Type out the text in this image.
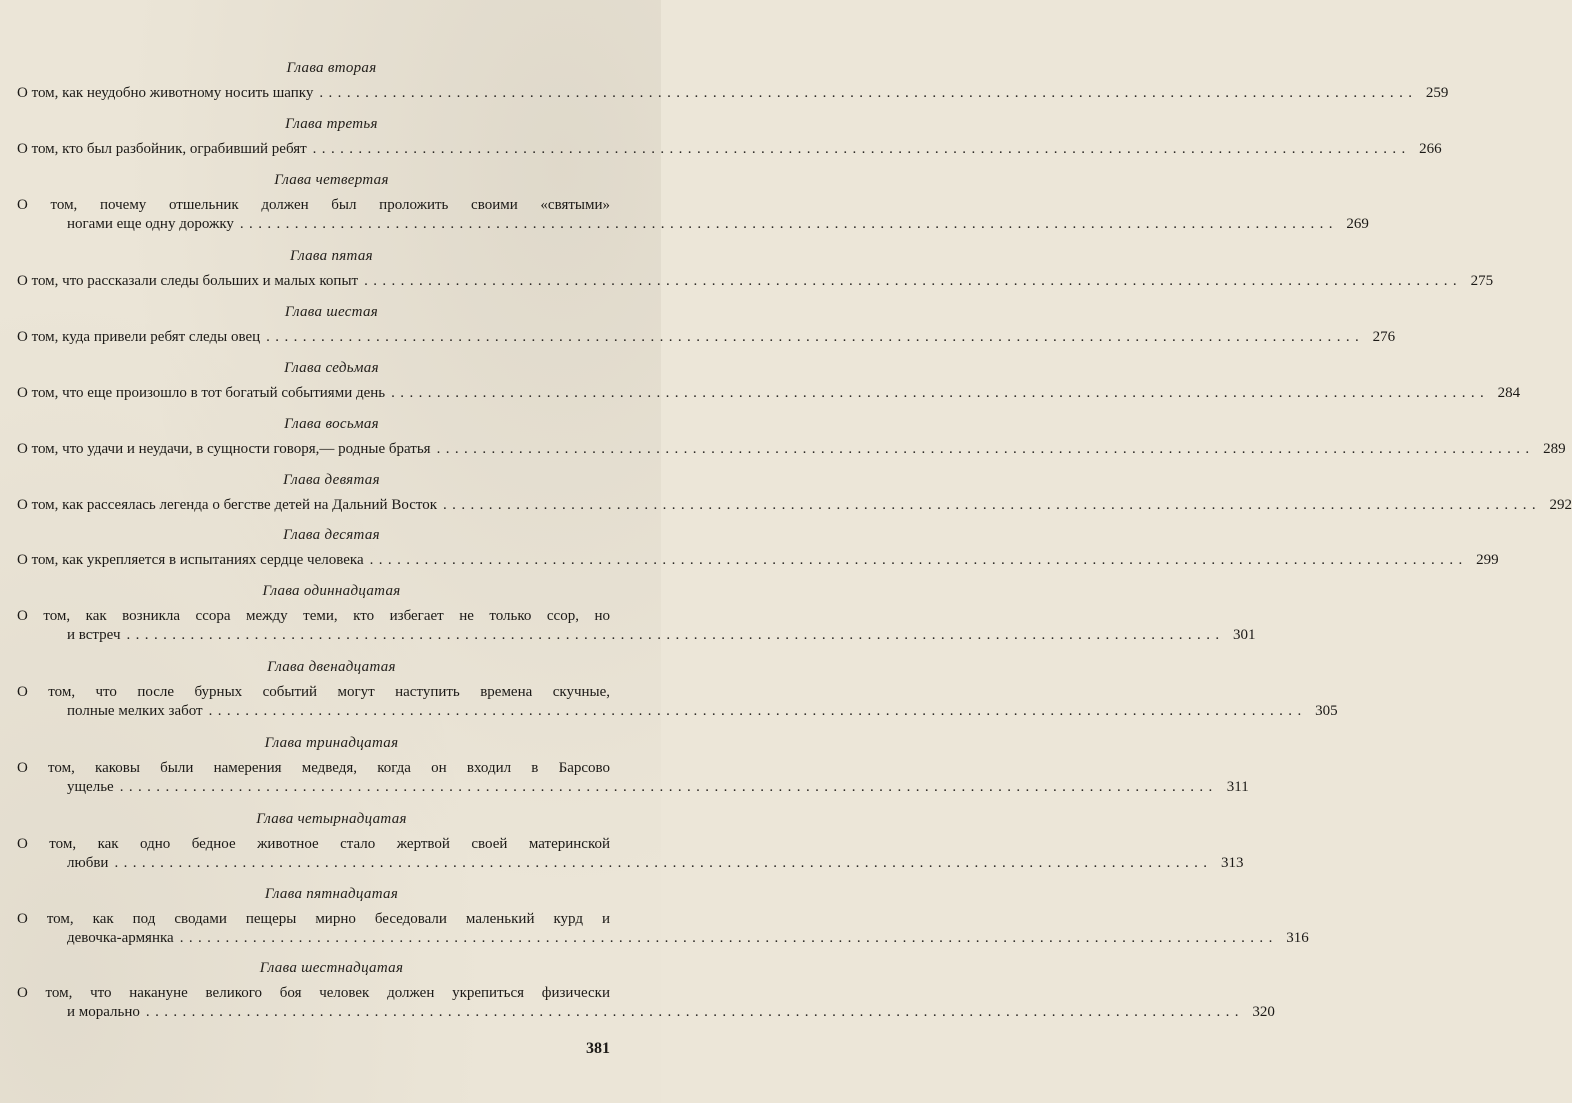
Глава вторая
О том, как неудобно животному носить шапку ........................................................................................................................ 259
Глава третья
О том, кто был разбойник, ограбивший ребят ........................................................................................................................ 266
Глава четвертая
О том, почему отшельник должен был проложить своими «святыми»
ногами еще одну дорожку ........................................................................................................................ 269
Глава пятая
О том, что рассказали следы больших и малых копыт ........................................................................................................................ 275
Глава шестая
О том, куда привели ребят следы овец ........................................................................................................................ 276
Глава седьмая
О том, что еще произошло в тот богатый событиями день ........................................................................................................................ 284
Глава восьмая
О том, что удачи и неудачи, в сущности говоря,— родные братья ........................................................................................................................ 289
Глава девятая
О том, как рассеялась легенда о бегстве детей на Дальний Восток ........................................................................................................................ 292
Глава десятая
О том, как укрепляется в испытаниях сердце человека ........................................................................................................................ 299
Глава одиннадцатая
О том, как возникла ссора между теми, кто избегает не только ссор, но
и встреч ........................................................................................................................ 301
Глава двенадцатая
О том, что после бурных событий могут наступить времена скучные,
полные мелких забот ........................................................................................................................ 305
Глава тринадцатая
О том, каковы были намерения медведя, когда он входил в Барсово
ущелье ........................................................................................................................ 311
Глава четырнадцатая
О том, как одно бедное животное стало жертвой своей материнской
любви ........................................................................................................................ 313
Глава пятнадцатая
О том, как под сводами пещеры мирно беседовали маленький курд и
девочка-армянка ........................................................................................................................ 316
Глава шестнадцатая
О том, что накануне великого боя человек должен укрепиться физически
и морально ........................................................................................................................ 320
381
